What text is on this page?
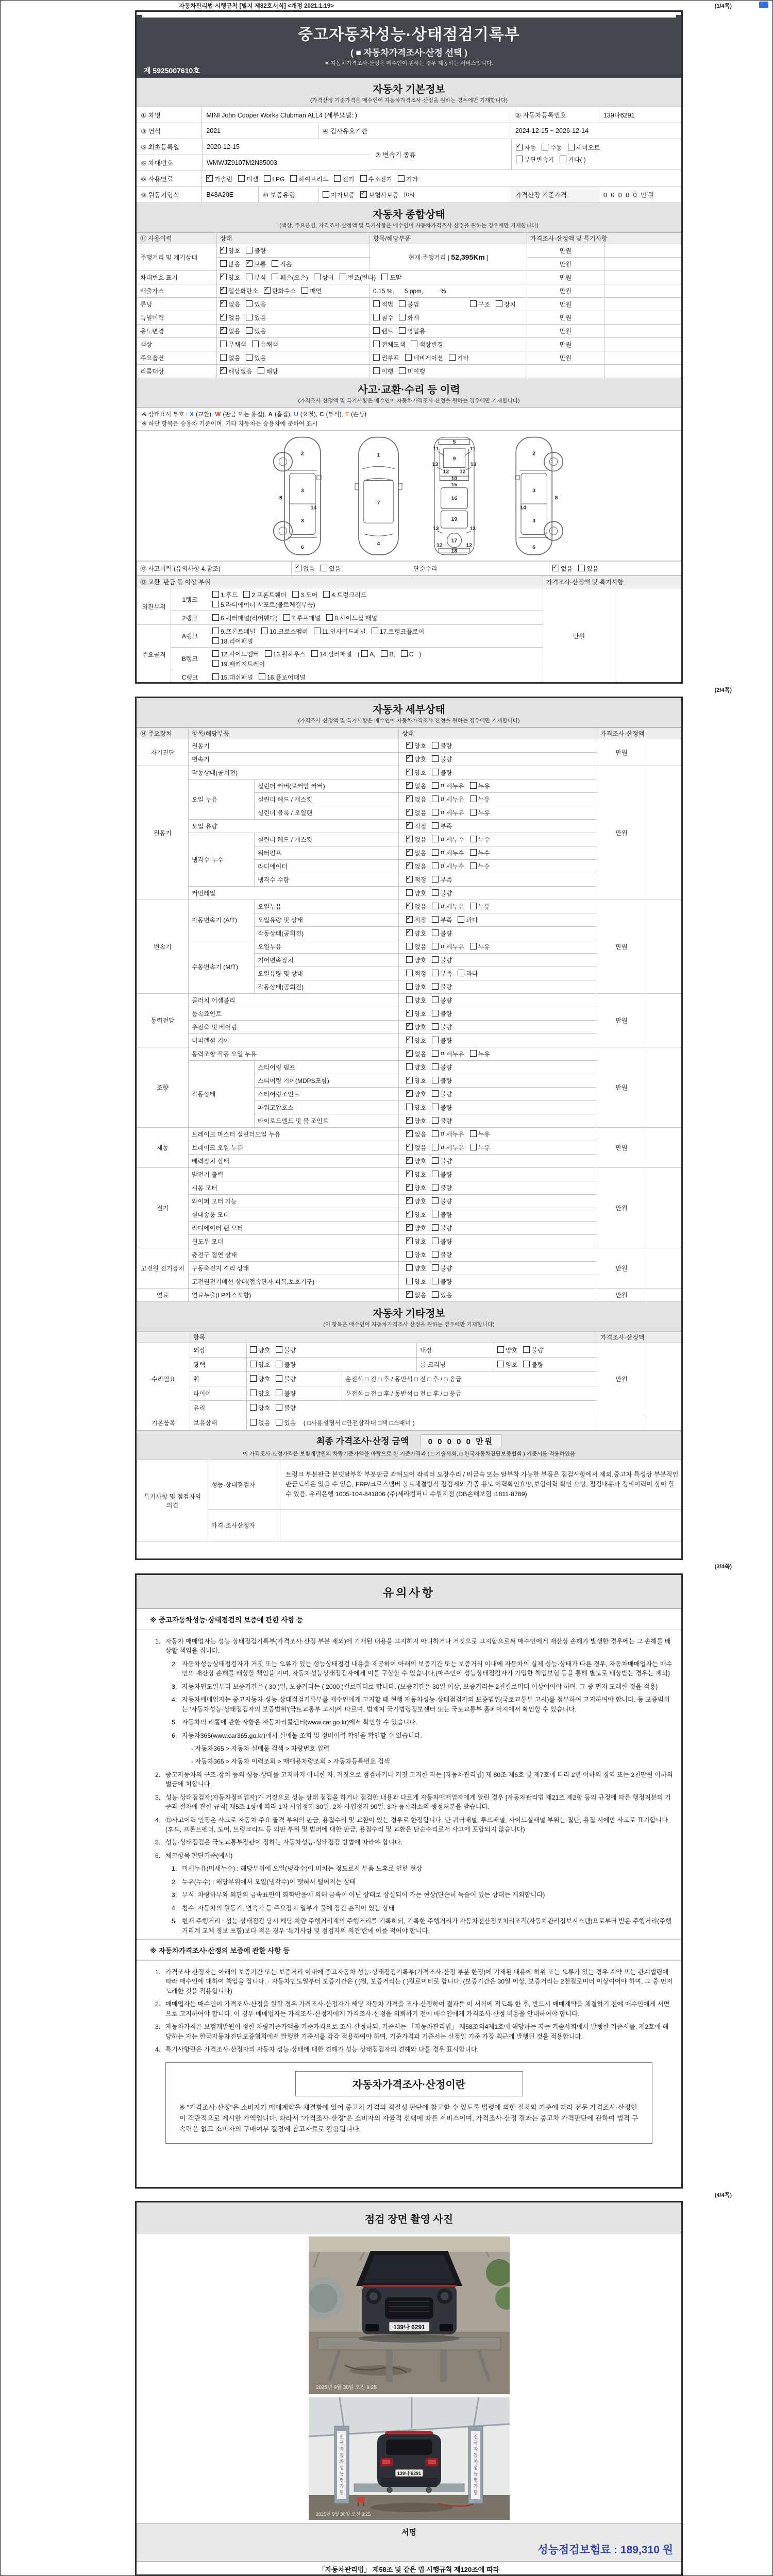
자동차관리법 시행규칙 [별지 제82호서식] <개정 2021.1.19>	(1/4쪽)
중고자동차성능·상태점검기록부
( ■ 자동차가격조사·산정 선택 )
※ 자동차가격조사·산정은 매수인이 원하는 경우 제공하는 서비스입니다.
제 5925007610호
자동차 기본정보
(가격산정 기준가격은 매수인이 자동차가격조사·산정을 원하는 경우에만 기재합니다)
① 차명	MINI John Cooper Works Clubman ALL4 (세부모델: )	② 자동차등록번호	139나6291
③ 연식	2021	④ 검사유효기간	2024-12-15 ~ 2026-12-14
⑤ 최초등록일	2020-12-15
⑥ 차대번호	WMWJZ9107M2N85003
⑦ 변속기 종류
✓자동 수동 세미오토
무단변속기 기타( )
⑧ 사용연료 ✓	가솔린	디젤	LPG	하이브리드	전기	수소전기	기타
⑨ 원동기형식	B48A20E	⑩ 보증유형	자가보증 ✓ 보험사보증	[DB]	가격산정 기준가격	0 0 0 0 0 만원
자동차 종합상태
(색상, 주요옵션, 가격조사·산정액 및 특기사항은 매수인이 자동차가격조사·산정을 원하는 경우에만 기재합니다)
⑪ 사용이력	상태	항목/해당부품	가격조사·산정액 및 특기사항	
주행거리 및 계기상태	✓양호 불량	현재 주행거리 [ 52,395Km ]	만원	
	많음 ✓ 보통 적음		만원	
차대번호 표기	✓양호 부식 훼손(오손) 상이 변조(변타) 도말		만원	
배출가스	✓일산화탄소 ✓ 탄화수소 매연	0.15 %,      5 ppm,          %	만원	
튜닝	✓없음 있음	적법 불법 구조 장치	만원	
특별이력	✓없음 있음	침수 화재	만원	
용도변경	✓없음 있음	렌트 영업용	만원	
색상	무채색 유채색	전체도색 색상변경	만원	
주요옵션	없음 있음	썬루프 네비게이션 기타	만원	
리콜대상	✓해당없음 해당	이행 미이행		
사고·교환·수리 등 이력
(가격조사·산정액 및 특기사항은 매수인이 자동차가격조사·산정을 원하는 경우에만 기재합니다)
※ 상태표시 부호 : X (교환), W (판금 또는 용접), A (흠집), U (요철), C (부식), T (손상)
※ 하단 항목은 승용차 기준이며, 기타 자동차는 승용차에 준하여 표시
2
8
3
14
3
6
1
7
4
5
9
11	11
13	13
12 12
10
15
16
19
13	13
17
12	12
18
2
8
3
14
3
6
⑫ 사고이력 (유의사항 4.참조)	✓없음 있음	단순수리	✓없음 있음
⑬ 교환, 판금 등 이상 부위			가격조사·산정액 및 특기사항	
외판부위	1랭크	1.후드 2.프론트휀더 3.도어 4.트렁크리드
5.라디에이터 서포트(볼트체결부품)	만원	
	2랭크	6.쿼터패널(리어휀다) 7.루프패널 8.사이드실 패널		

주요골격	A랭크	9.프론트패널 10.크로스멤버 11.인사이드패널 17.트렁크플로어
18.리어패널		

	B랭크	12.사이드멤버 13.휠하우스 14.필러패널 ( A, B, C )
19.패키지트레이		

	C랭크	15.대쉬패널 16.플로어패널		
(2/4쪽)
자동차 세부상태
(가격조사·산정액 및 특기사항은 매수인이 자동차가격조사·산정을 원하는 경우에만 기재합니다)
⑭ 주요장치	항목/해당부품		상태	가격조사·산정액	
자기진단	원동기	✓양호 불량	만원	
	변속기	✓양호 불량
원동기	작동상태(공회전)	✓양호 불량	만원	
	오일 누유	실린더 커버(로커암 커버)	✓없음 미세누유 누유
		실린더 헤드 / 개스킷	✓없음 미세누유 누유
		실린더 블록 / 오일팬	✓없음 미세누유 누유
	오일 유량	✓적정 부족
	냉각수 누수	실린더 헤드 / 개스킷	✓없음 미세누수 누수
		워터펌프	✓없음 미세누수 누수
		라디에이터	✓없음 미세누수 누수
		냉각수 수량	✓적정 부족
	커먼레일		양호 불량		
변속기	자동변속기 (A/T)	오일누유	✓없음 미세누유 누유	만원	
		오일유량 및 상태	✓적정 부족 과다
		작동상태(공회전)	✓양호 불량
	수동변속기 (M/T)	오일누유	없음 미세누유 누유		
		기어변속장치	양호 불량		
		오일유량 및 상태	적정 부족 과다		
		작동상태(공회전)	양호 불량		
동력전달	클러치 어셈블리		양호 불량	만원	
	등속죠인트	✓양호 불량
	추진축 및 베어링	✓양호 불량
	디퍼렌셜 기어	✓양호 불량
조향	동력조향 작동 오일 누유	✓없음 미세누유 누유	만원	
	작동상태	스티어링 펌프	양호 불량		
		스티어링 기어(MDPS포함)	✓양호 불량
		스티어링조인트	✓양호 불량
		파워고압호스	양호 불량		
		타이로드엔드 및 볼 조인트	✓양호 불량
제동	브레이크 마스터 실린더오일 누유	✓없음 미세누유 누유	만원	
	브레이크 오일 누유	✓없음 미세누유 누유
	배력장치 상태	✓양호 불량
전기	발전기 출력	✓양호 불량	만원	
	시동 모터	✓양호 불량
	와이퍼 모터 기능	✓양호 불량
	실내송풍 모터	✓양호 불량
	라디에이터 팬 모터	✓양호 불량
	윈도우 모터	✓양호 불량
고전원 전기장치	충전구 절연 상태		양호 불량	만원	
	구동축전지 격리 상태		양호 불량		
	고전원전기배선 상태(접속단자,피복,보호기구)		양호 불량		
연료	연료누출(LP가스포함)	✓없음 있음	만원	
자동차 기타정보
(이 항목은 매수인이 자동차가격조사·산정을 원하는 경우에만 기재합니다)
	항목					가격조사·산정액	
수리필요	외장	양호 불량		내장	양호 불량	만원	
	광택	양호 불량		룸 크리닝	양호 불량		
	휠	양호 불량	운전석 □ 전 □ 후 / 동반석 □ 전 □ 후 / □ 응급				
	타이어	양호 불량	운전석 □ 전 □ 후 / 동반석 □ 전 □ 후 / □ 응급				
	유리	양호 불량					
기본품목	보유상태	없음 있음 ( □사용설명서 □안전삼각대 □잭 □스패너 )					
최종 가격조사·산정 금액 0 0 0 0 0 만원
이 가격조사·산정가격은 보험개발원의 차량기준가액을 바탕으로 한 기준가격과 ( □ 기술사회, □ 한국자동차진단보증협회 ) 기준서를 적용하였음
특기사항 및 점검자의 의견	성능·상태점검자	트렁크 부분판금 본넷탈부착 부분판금 좌뒤도어 좌쿼터 도장수리 / 비금속 또는 탈부착 가능한 부품은 점검사항에서 제외,중고차 특성상 부분적인 판금도색은 있을 수 있음, FRP/크로스멤버 볼트체결방식 점검제외,각종 용도 이력확인요망,보험이력 확인 요망, 점검내용과 정비이력이 상이 할 수 있음. 우리은행 1005-104-841806 (주)세라컴퍼니 수원지점 (DB손해보험 :1811-8769)
	가격·조사산정자	
(3/4쪽)
유의사항
※ 중고자동차성능·상태점검의 보증에 관한 사항 등
1. 자동차 매매업자는 성능·상태점검기록부(가격조사·산정 부분 제외)에 기재된 내용을 고지하지 아니하거나 거짓으로 고지함으로써 매수인에게 재산상 손해가 발생한 경우에는 그 손해를 배상할 책임을 집니다.
2. 자동차성능상태점검자가 거짓 또는 오류가 있는 성능상태점검 내용을 제공하여 아래의 보증기간 또는 보증거리 이내에 자동차의 실제 성능·상태가 다른 경우, 자동차매매업자는 매수인의 재산상 손해를 배상할 책임을 지며, 자동차성능상태점검자에게 이를 구상할 수 있습니다.(매수인이 성능상태점검자가 가입한 책임보험 등을 통해 별도로 배상받는 경우는 제외)
3. 자동차인도일부터 보증기간은 ( 30 )일, 보증거리는 ( 2000 )킬로미터로 합니다. (보증기간은 30일 이상, 보증거리는 2천킬로미터 이상이어야 하며, 그 중 먼저 도래한 것을 적용)
4. 자동차매매업자는 중고자동차 성능·상태점검기록부를 매수인에게 고지할 때 현행 자동차성능·상태점검자의 보증범위(국토교통부 고시)를 첨부하여 고지하여야 합니다. 동 보증범위는 '자동차성능·상태점검자의 보증범위'(국토교통부 고시)에 따르며, 법제처 국가법령정보센터 또는 국토교통부 홈페이지에서 확인할 수 있습니다.
5. 자동차의 리콜에 관한 사항은 자동차리콜센터(www.car.go.kr)에서 확인할 수 있습니다.
6. 자동차365(www.car365.go.kr)에서 실매물 조회 및 정비이력 확인을 확인할 수 있습니다.
- 자동차365 > 자동차 실매물 검색 > 차량번호 입력
- 자동차365 > 자동차 이력조회 > 매매용차량조회 > 자동차등록번호 검색
2. 중고자동차의 구조·장치 등의 성능·상태를 고지하지 아니한 자, 거짓으로 점검하거나 거짓 고지한 자는 [자동차관리법] 제 80조 제6호 및 제7호에 따라 2년 이하의 징역 또는 2천만원 이하의 벌금에 처합니다.
3. 성능·상태점검자(자동차정비업자)가 거짓으로 성능·상태 점검을 하거나 점검한 내용과 다르게 자동차매매업자에게 알린 경우 [자동차관리법 제21조 제2항 등의 규정에 따른 행정처분의 기준과 절차에 관한 규칙] 제5조 1항에 따라 1차 사업정지 30일, 2차 사업정지 90일, 3차 등록취소의 행정처분을 받습니다.
4. ⑫사고이력 인정은 사고로 자동차 주요 골격 부위의 판금, 용접수리 및 교환이 있는 경우로 한정합니다. 단 쿼터패널, 루프패널, 사이드실패널 부위는 절단, 용접 시에만 사고로 표기합니다. (후드, 프론트펜더, 도어, 트렁크리드 등 외판 부위 및 범퍼에 대한 판금, 용접수리 및 교환은 단순수리로서 사고에 포함되지 않습니다)
5. 성능·상태점검은 국토교통부장관이 정하는 자동차성능·상태점검 방법에 따라야 합니다.
6. 체크항목 판단기준(예시)
1. 미세누유(미세누수) : 해당부위에 오일(냉각수)이 비치는 정도로서 부품 노후로 인한 현상
2. 누유(누수) : 해당부위에서 오일(냉각수)이 맺혀서 떨어지는 상태
3. 부식: 차량하부와 외판의 금속표면이 화학반응에 의해 금속이 아닌 상태로 상실되어 가는 현상(단순히 녹슬어 있는 상태는 제외합니다)
4. 침수: 자동차의 원동기, 변속기 등 주요장치 일부가 물에 잠긴 흔적이 있는 상태
5. 현재 주행거리 : 성능·상태점검 당시 해당 차량 주행거리계의 주행거리를 기록하되, 기록한 주행거리가 자동차전산정보처리조직(자동차관리정보시스템)으로부터 받은 주행거리(주행거리계 교체 정보 포함)보다 적은 경우 '특기사항 및 점검자의 의견'란에 이를 적어야 합니다.
※ 자동차가격조사·산정의 보증에 관한 사항 등
1. 가격조사·산정자는 아래의 보증기간 또는 보증거리 이내에 중고자동차 성능·상태점검기록부(가격조사·산정 부분 한정)에 기재된 내용에 허위 또는 오류가 있는 경우 계약 또는 관계법령에 따라 매수인에 대하여 책임을 집니다. · 자동차인도일부터 보증기간은 ( )일, 보증거리는 ( )킬로미터로 합니다. (보증기간은 30일 이상, 보증거리는 2천킬로미터 이상이어야 하며, 그 중 먼저 도래한 것을 적용합니다)
2. 매매업자는 매수인이 가격조사·산정을 원할 경우 가격조사·산정자가 해당 자동차 가격을 조사·산정하여 결과를 이 서식에 적도록 한 후, 반드시 매매계약을 체결하기 전에 매수인에게 서면으로 고지하여야 합니다. 이 경우 매매업자는 가격조사·산정자에게 가격조사·산정을 의뢰하기 전에 매수인에게 가격조사·산정 비용을 안내하여야 합니다.
3. 자동차가격은 보험개발원이 정한 차량기준가액을 기준가격으로 조사·산정하되, 기준서는 「자동차관리법」 제58조의4제1호에 해당하는 자는 기술사회에서 발행한 기준서를, 제2호에 해당하는 자는 한국자동차진단보증협회에서 발행한 기준서를 각각 적용하여야 하며, 기준가격과 기준서는 산정일 기준 가장 최근에 발행된 것을 적용합니다.
4. 특기사항란은 가격조사·산정자의 자동차 성능·상태에 대한 견해가 성능·상태점검자의 견해와 다를 경우 표시합니다.
자동차가격조사·산정이란
※ "가격조사·산정"은 소비자가 매매계약을 체결함에 있어 중고차 가격의 적절성 판단에 참고할 수 있도록 법령에 의한 절차와 기준에 따라 전문 가격조사·산정인이 객관적으로 제시한 가액입니다. 따라서 "가격조사·산정"은 소비자의 자율적 선택에 따른 서비스이며, 가격조사·산정 결과는 중고차 가격판단에 관하여 법적 구속력은 없고 소비자의 구매여부 결정에 참고자료로 활용됩니다.
(4/4쪽)
점검 장면 촬영 사진
139나 6291
2025년 9월 30일 오전 9:25
전 국 자 동 차 성 능 평 가 협
전 국 자 동 차 성 능 평 가 협
139나 6291
2025년 9월 30일 오전 9:25
서명
성능점검보험료 : 189,310 원
「자동차관리법」 제58조 및 같은 법 시행규칙 제120조에 따라
